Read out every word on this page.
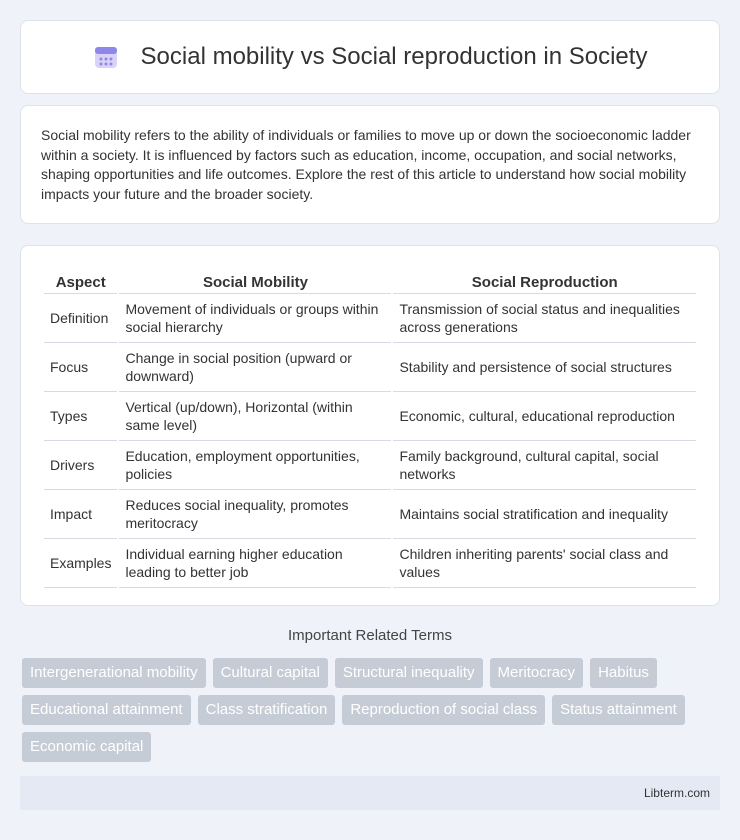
Social mobility vs Social reproduction in Society

Social mobility refers to the ability of individuals or families to move up or down the socioeconomic ladder within a society. It is influenced by factors such as education, income, occupation, and social networks, shaping opportunities and life outcomes. Explore the rest of this article to understand how social mobility impacts your future and the broader society.

Aspect	Social Mobility	Social Reproduction
Definition	Movement of individuals or groups within social hierarchy	Transmission of social status and inequalities across generations
Focus	Change in social position (upward or downward)	Stability and persistence of social structures
Types	Vertical (up/down), Horizontal (within same level)	Economic, cultural, educational reproduction
Drivers	Education, employment opportunities, policies	Family background, cultural capital, social networks
Impact	Reduces social inequality, promotes meritocracy	Maintains social stratification and inequality
Examples	Individual earning higher education leading to better job	Children inheriting parents' social class and values
Important Related Terms
Intergenerational mobility	Cultural capital	Structural inequality	Meritocracy	Habitus
Educational attainment	Class stratification	Reproduction of social class	Status attainment
Economic capital
Libterm.com
